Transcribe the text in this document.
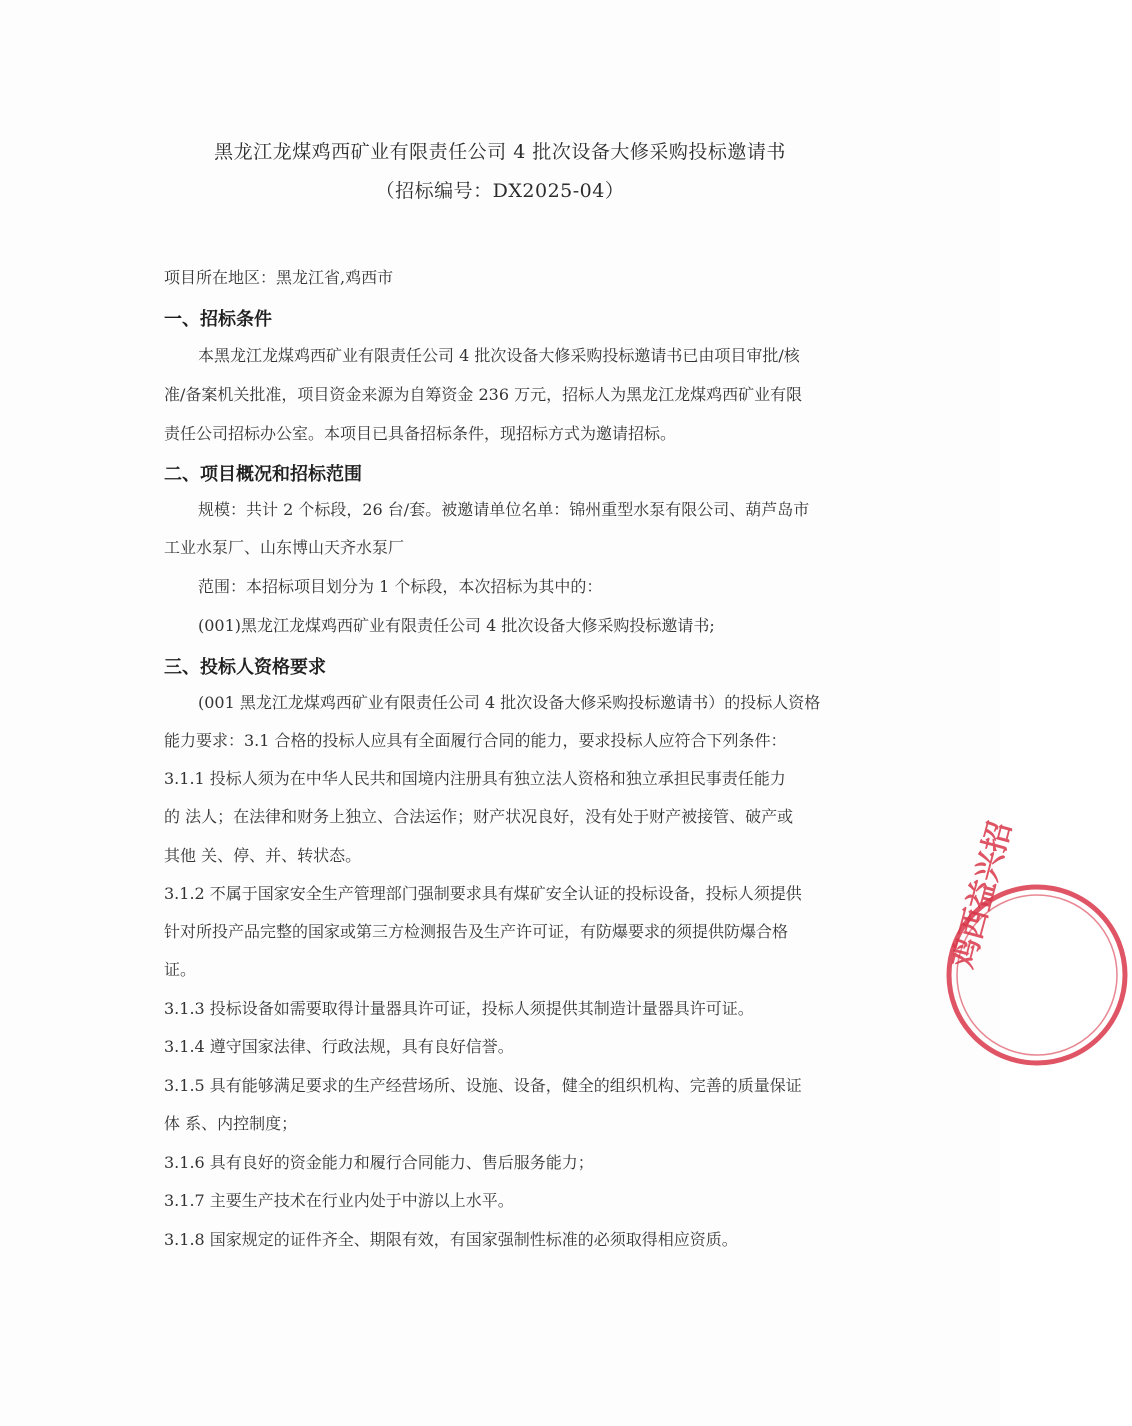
黑龙江龙煤鸡西矿业有限责任公司 4 批次设备大修采购投标邀请书
（招标编号：DX2025-04）
项目所在地区：黑龙江省,鸡西市
一、招标条件
本黑龙江龙煤鸡西矿业有限责任公司 4 批次设备大修采购投标邀请书已由项目审批/核
准/备案机关批准，项目资金来源为自筹资金 236 万元，招标人为黑龙江龙煤鸡西矿业有限
责任公司招标办公室。本项目已具备招标条件，现招标方式为邀请招标。
二、项目概况和招标范围
规模：共计 2 个标段，26 台/套。被邀请单位名单：锦州重型水泵有限公司、葫芦岛市
工业水泵厂、山东博山天齐水泵厂
范围：本招标项目划分为 1 个标段，本次招标为其中的：
(001)黑龙江龙煤鸡西矿业有限责任公司 4 批次设备大修采购投标邀请书;
三、投标人资格要求
(001 黑龙江龙煤鸡西矿业有限责任公司 4 批次设备大修采购投标邀请书）的投标人资格
能力要求：3.1 合格的投标人应具有全面履行合同的能力，要求投标人应符合下列条件：
3.1.1 投标人须为在中华人民共和国境内注册具有独立法人资格和独立承担民事责任能力
的 法人；在法律和财务上独立、合法运作；财产状况良好，没有处于财产被接管、破产或
其他 关、停、并、转状态。
3.1.2 不属于国家安全生产管理部门强制要求具有煤矿安全认证的投标设备，投标人须提供
针对所投产品完整的国家或第三方检测报告及生产许可证，有防爆要求的须提供防爆合格
证。
3.1.3 投标设备如需要取得计量器具许可证，投标人须提供其制造计量器具许可证。
3.1.4 遵守国家法律、行政法规，具有良好信誉。
3.1.5 具有能够满足要求的生产经营场所、设施、设备，健全的组织机构、完善的质量保证
体 系、内控制度；
3.1.6 具有良好的资金能力和履行合同能力、售后服务能力；
3.1.7 主要生产技术在行业内处于中游以上水平。
3.1.8 国家规定的证件齐全、期限有效，有国家强制性标准的必须取得相应资质。
鸡西益兴招
